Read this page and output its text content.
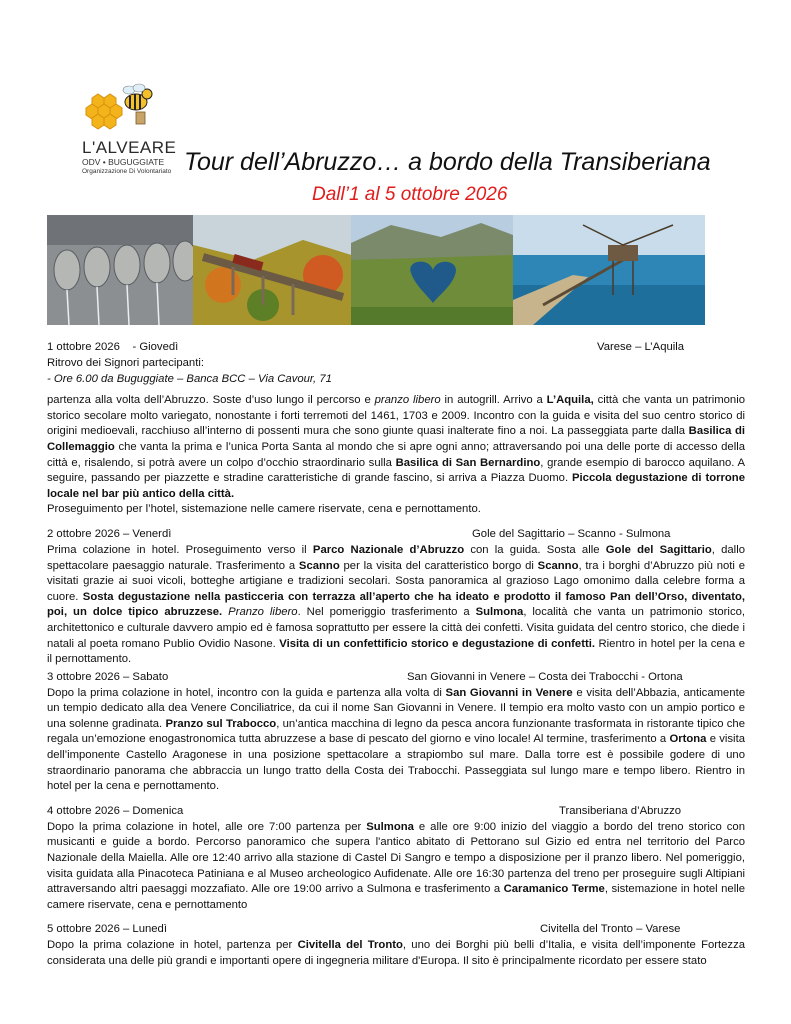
L'ALVEARE
ODV • BUGUGGIATE
Organizzazione Di Volontariato Tour dell’Abruzzo… a bordo della Transiberiana
Dall’1 al 5 ottobre 2026
1 ottobre 2026 - Giovedì	Varese – L’Aquila

Ritrovo dei Signori partecipanti:

- Ore 6.00 da Buguggiate – Banca BCC – Via Cavour, 71

partenza alla volta dell’Abruzzo. Soste d’uso lungo il percorso e pranzo libero in autogrill. Arrivo a L’Aquila, città che vanta un patrimonio storico secolare molto variegato, nonostante i forti terremoti del 1461, 1703 e 2009. Incontro con la guida e visita del suo centro storico di origini medioevali, racchiuso all’interno di possenti mura che sono giunte quasi inalterate fino a noi. La passeggiata parte dalla Basilica di Collemaggio che vanta la prima e l’unica Porta Santa al mondo che si apre ogni anno; attraversando poi una delle porte di accesso della città e, risalendo, si potrà avere un colpo d’occhio straordinario sulla Basilica di San Bernardino, grande esempio di barocco aquilano. A seguire, passando per piazzette e stradine caratteristiche di grande fascino, si arriva a Piazza Duomo. Piccola degustazione di torrone locale nel bar più antico della città.

Proseguimento per l’hotel, sistemazione nelle camere riservate, cena e pernottamento.

2 ottobre 2026 – Venerdì	Gole del Sagittario – Scanno - Sulmona

Prima colazione in hotel. Proseguimento verso il Parco Nazionale d’Abruzzo con la guida. Sosta alle Gole del Sagittario, dallo spettacolare paesaggio naturale. Trasferimento a Scanno per la visita del caratteristico borgo di Scanno, tra i borghi d’Abruzzo più noti e visitati grazie ai suoi vicoli, botteghe artigiane e tradizioni secolari. Sosta panoramica al grazioso Lago omonimo dalla celebre forma a cuore. Sosta degustazione nella pasticceria con terrazza all’aperto che ha ideato e prodotto il famoso Pan dell’Orso, diventato, poi, un dolce tipico abruzzese. Pranzo libero. Nel pomeriggio trasferimento a Sulmona, località che vanta un patrimonio storico, architettonico e culturale davvero ampio ed è famosa soprattutto per essere la città dei confetti. Visita guidata del centro storico, che diede i natali al poeta romano Publio Ovidio Nasone. Visita di un confettificio storico e degustazione di confetti. Rientro in hotel per la cena e il pernottamento.

3 ottobre 2026 – Sabato	San Giovanni in Venere – Costa dei Trabocchi - Ortona

Dopo la prima colazione in hotel, incontro con la guida e partenza alla volta di San Giovanni in Venere e visita dell’Abbazia, anticamente un tempio dedicato alla dea Venere Conciliatrice, da cui il nome San Giovanni in Venere. Il tempio era molto vasto con un ampio portico e una solenne gradinata. Pranzo sul Trabocco, un’antica macchina di legno da pesca ancora funzionante trasformata in ristorante tipico che regala un’emozione enogastronomica tutta abruzzese a base di pescato del giorno e vino locale! Al termine, trasferimento a Ortona e visita dell’imponente Castello Aragonese in una posizione spettacolare a strapiombo sul mare. Dalla torre est è possibile godere di uno straordinario panorama che abbraccia un lungo tratto della Costa dei Trabocchi. Passeggiata sul lungo mare e tempo libero. Rientro in hotel per la cena e pernottamento.

4 ottobre 2026 – Domenica	Transiberiana d’Abruzzo

Dopo la prima colazione in hotel, alle ore 7:00 partenza per Sulmona e alle ore 9:00 inizio del viaggio a bordo del treno storico con musicanti e guide a bordo. Percorso panoramico che supera l'antico abitato di Pettorano sul Gizio ed entra nel territorio del Parco Nazionale della Maiella. Alle ore 12:40 arrivo alla stazione di Castel Di Sangro e tempo a disposizione per il pranzo libero. Nel pomeriggio, visita guidata alla Pinacoteca Patiniana e al Museo archeologico Aufidenate. Alle ore 16:30 partenza del treno per proseguire sugli Altipiani attraversando altri paesaggi mozzafiato. Alle ore 19:00 arrivo a Sulmona e trasferimento a Caramanico Terme, sistemazione in hotel nelle camere riservate, cena e pernottamento

5 ottobre 2026 – Lunedì	Civitella del Tronto – Varese

Dopo la prima colazione in hotel, partenza per Civitella del Tronto, uno dei Borghi più belli d’Italia, e visita dell’imponente Fortezza considerata una delle più grandi e importanti opere di ingegneria militare d'Europa. Il sito è principalmente ricordato per essere stato
